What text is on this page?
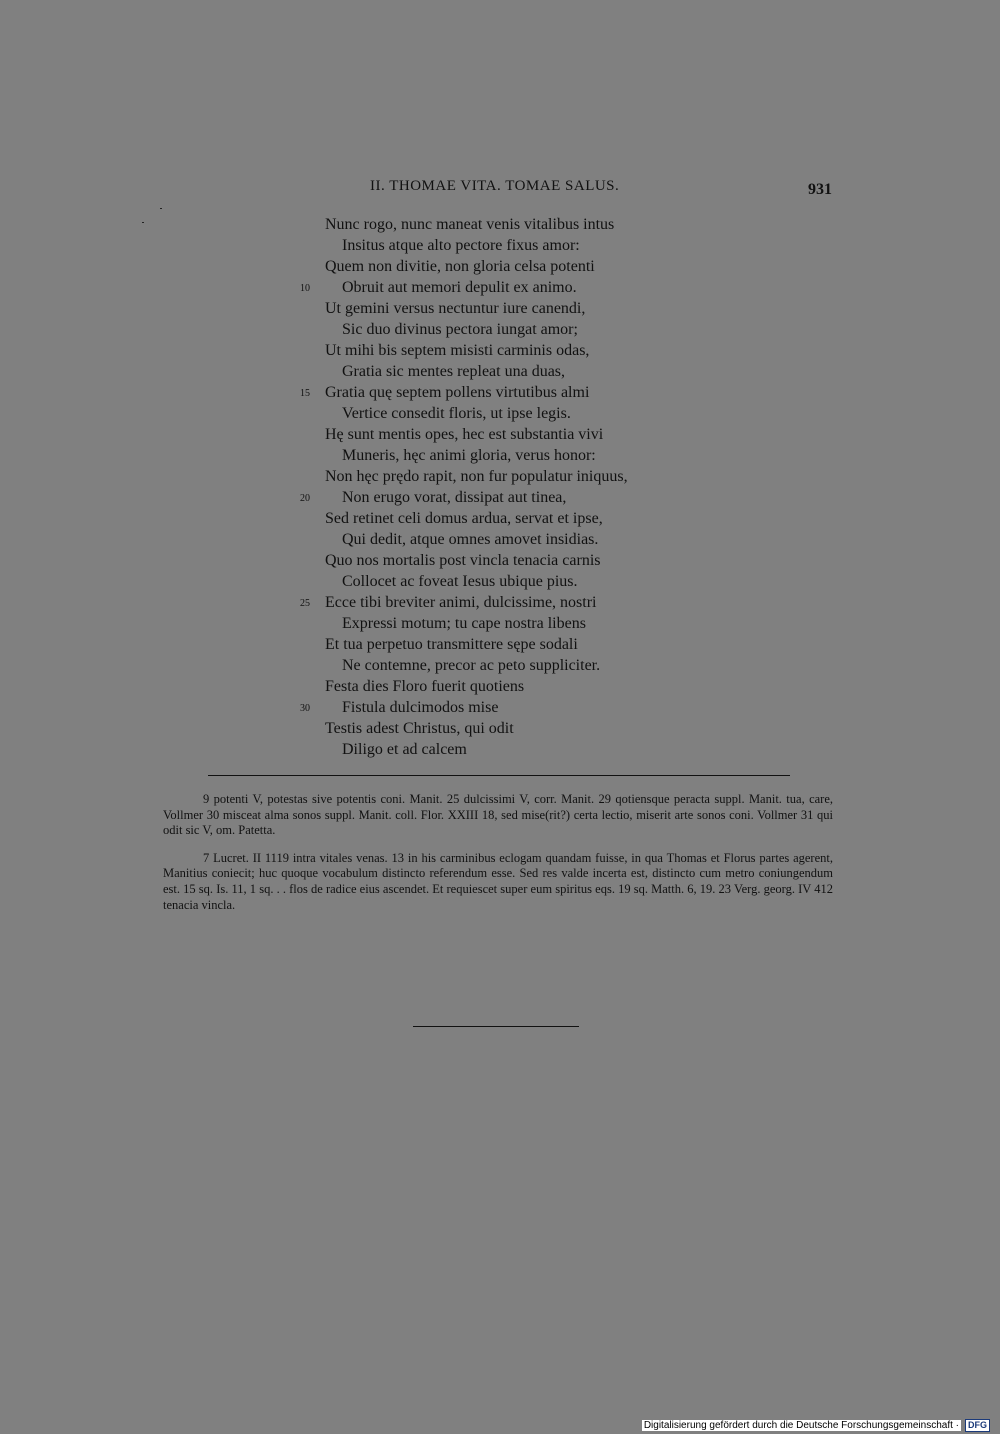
II. THOMAE VITA. TOMAE SALUS.	931
Nunc rogo, nunc maneat venis vitalibus intus
Insitus atque alto pectore fixus amor:
Quem non divitie, non gloria celsa potenti
10 Obruit aut memori depulit ex animo.
Ut gemini versus nectuntur iure canendi,
Sic duo divinus pectora iungat amor;
Ut mihi bis septem misisti carminis odas,
Gratia sic mentes repleat una duas,
15 Gratia quę septem pollens virtutibus almi
Vertice consedit floris, ut ipse legis.
Hę sunt mentis opes, hec est substantia vivi
Muneris, hęc animi gloria, verus honor:
Non hęc prędo rapit, non fur populatur iniquus,
20 Non erugo vorat, dissipat aut tinea,
Sed retinet celi domus ardua, servat et ipse,
Qui dedit, atque omnes amovet insidias.
Quo nos mortalis post vincla tenacia carnis
Collocet ac foveat Iesus ubique pius.
25 Ecce tibi breviter animi, dulcissime, nostri
Expressi motum; tu cape nostra libens
Et tua perpetuo transmittere sępe sodali
Ne contemne, precor ac peto suppliciter.
Festa dies Floro fuerit quotiens
30 Fistula dulcimodos mise
Testis adest Christus, qui odit
Diligo et ad calcem

9 potenti V, potestas sive potentis coni. Manit. 25 dulcissimi V, corr. Manit. 29 qotiensque peracta suppl. Manit. tua, care, Vollmer 30 misceat alma sonos suppl. Manit. coll. Flor. XXIII 18, sed mise(rit?) certa lectio, miserit arte sonos coni. Vollmer 31 qui odit sic V, om. Patetta.

7 Lucret. II 1119 intra vitales venas. 13 in his carminibus eclogam quandam fuisse, in qua Thomas et Florus partes agerent, Manitius coniecit; huc quoque vocabulum distincto referendum esse. Sed res valde incerta est, distincto cum metro coniungendum est. 15 sq. Is. 11, 1 sq. . . flos de radice eius ascendet. Et requiescet super eum spiritus eqs. 19 sq. Matth. 6, 19. 23 Verg. georg. IV 412 tenacia vincla.

Digitalisierung gefördert durch die Deutsche Forschungsgemeinschaft ·	DFG
